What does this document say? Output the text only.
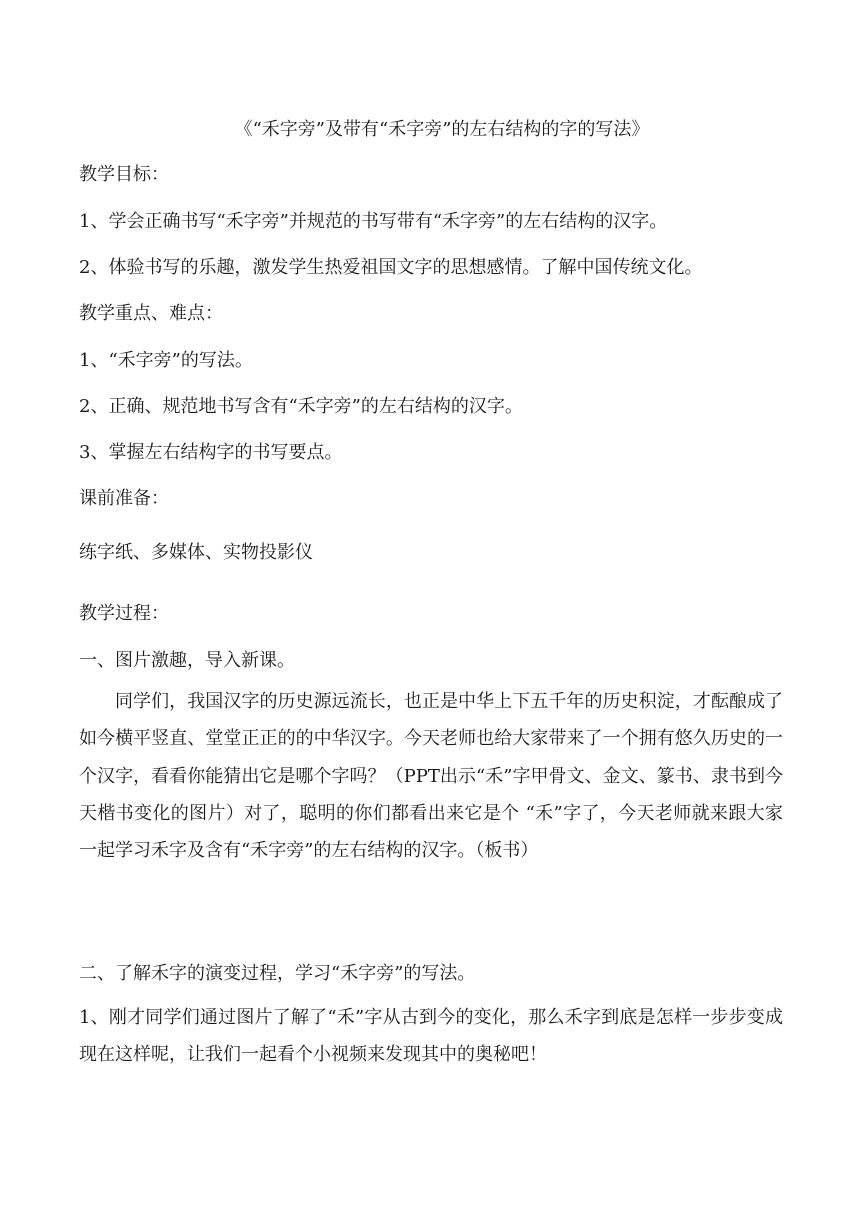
《“禾字旁”及带有“禾字旁”的左右结构的字的写法》
教学目标：
1、学会正确书写“禾字旁”并规范的书写带有“禾字旁”的左右结构的汉字。
2、体验书写的乐趣，激发学生热爱祖国文字的思想感情。了解中国传统文化。
教学重点、难点：
1、“禾字旁”的写法。
2、正确、规范地书写含有“禾字旁”的左右结构的汉字。
3、掌握左右结构字的书写要点。
课前准备：
练字纸、多媒体、实物投影仪
教学过程：
一、图片激趣，导入新课。
同学们，我国汉字的历史源远流长，也正是中华上下五千年的历史积淀，才酝酿成了如今横平竖直、堂堂正正的的中华汉字。今天老师也给大家带来了一个拥有悠久历史的一个汉字，看看你能猜出它是哪个字吗？（PPT出示“禾”字甲骨文、金文、篆书、隶书到今天楷书变化的图片）对了，聪明的你们都看出来它是个 “禾”字了，今天老师就来跟大家一起学习禾字及含有“禾字旁”的左右结构的汉字。（板书）
二、了解禾字的演变过程，学习“禾字旁”的写法。
1、刚才同学们通过图片了解了“禾”字从古到今的变化，那么禾字到底是怎样一步步变成现在这样呢，让我们一起看个小视频来发现其中的奥秘吧！
